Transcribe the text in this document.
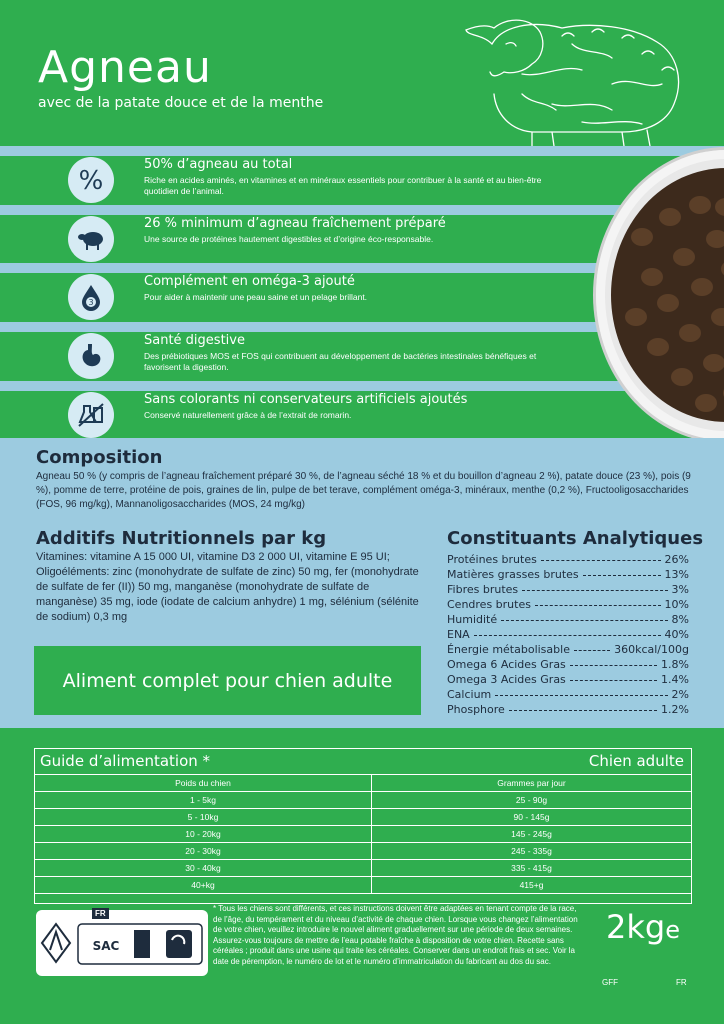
Agneau
avec de la patate douce et de la menthe
%
50% d’agneau au total
Riche en acides aminés, en vitamines et en minéraux essentiels pour contribuer à la santé et au bien-être quotidien de l’animal.
26 % minimum d’agneau fraîchement préparé
Une source de protéines hautement digestibles et d’origine éco-responsable.
3
Complément en oméga-3 ajouté
Pour aider à maintenir une peau saine et un pelage brillant.
Santé digestive
Des prébiotiques MOS et FOS qui contribuent au développement de bactéries intestinales bénéfiques et favorisent la digestion.
Sans colorants ni conservateurs artificiels ajoutés
Conservé naturellement grâce à de l’extrait de romarin.
Composition
Agneau 50 % (y compris de l’agneau fraîchement préparé 30 %, de l’agneau séché 18 % et du bouillon d’agneau 2 %), patate douce (23 %), pois (9 %), pomme de terre, protéine de pois, graines de lin, pulpe de bet terave, complément oméga-3, minéraux, menthe (0,2 %), Fructooligosaccharides (FOS, 96 mg/kg), Mannanoligosaccharides (MOS, 24 mg/kg)
Additifs Nutritionnels par kg
Vitamines: vitamine A 15 000 UI, vitamine D3 2 000 UI, vitamine E 95 UI; Oligoéléments: zinc (monohydrate de sulfate de zinc) 50 mg, fer (monohydrate de sulfate de fer (II)) 50 mg, manganèse (monohydrate de sulfate de manganèse) 35 mg, iode (iodate de calcium anhydre) 1 mg, sélénium (sélénite de sodium) 0,3 mg
Constituants Analytiques
Protéines brutes	26%
Matières grasses brutes	13%
Fibres brutes	3%
Cendres brutes	10%
Humidité	8%
ENA	40%
Énergie métabolisable	360kcal/100g
Omega 6 Acides Gras	1.8%
Omega 3 Acides Gras	1.4%
Calcium	2%
Phosphore	1.2%
Aliment complet pour chien adulte
Guide d’alimentation *	Chien adulte
Poids du chien	Grammes par jour
1 - 5kg	25 - 90g
5 - 10kg	90 - 145g
10 - 20kg	145 - 245g
20 - 30kg	245 - 335g
30 - 40kg	335 - 415g
40+kg	415+g
SAC
FR
* Tous les chiens sont différents, et ces instructions doivent être adaptées en tenant compte de la race, de l’âge, du tempérament et du niveau d’activité de chaque chien. Lorsque vous changez l’alimentation de votre chien, veuillez introduire le nouvel aliment graduellement sur une période de deux semaines. Assurez-vous toujours de mettre de l’eau potable fraîche à disposition de votre chien. Recette sans céréales ; produit dans une usine qui traite les céréales. Conserver dans un endroit frais et sec. Voir la date de péremption, le numéro de lot et le numéro d’immatriculation du fabricant au dos du sac.
2kge
GFF	FR
